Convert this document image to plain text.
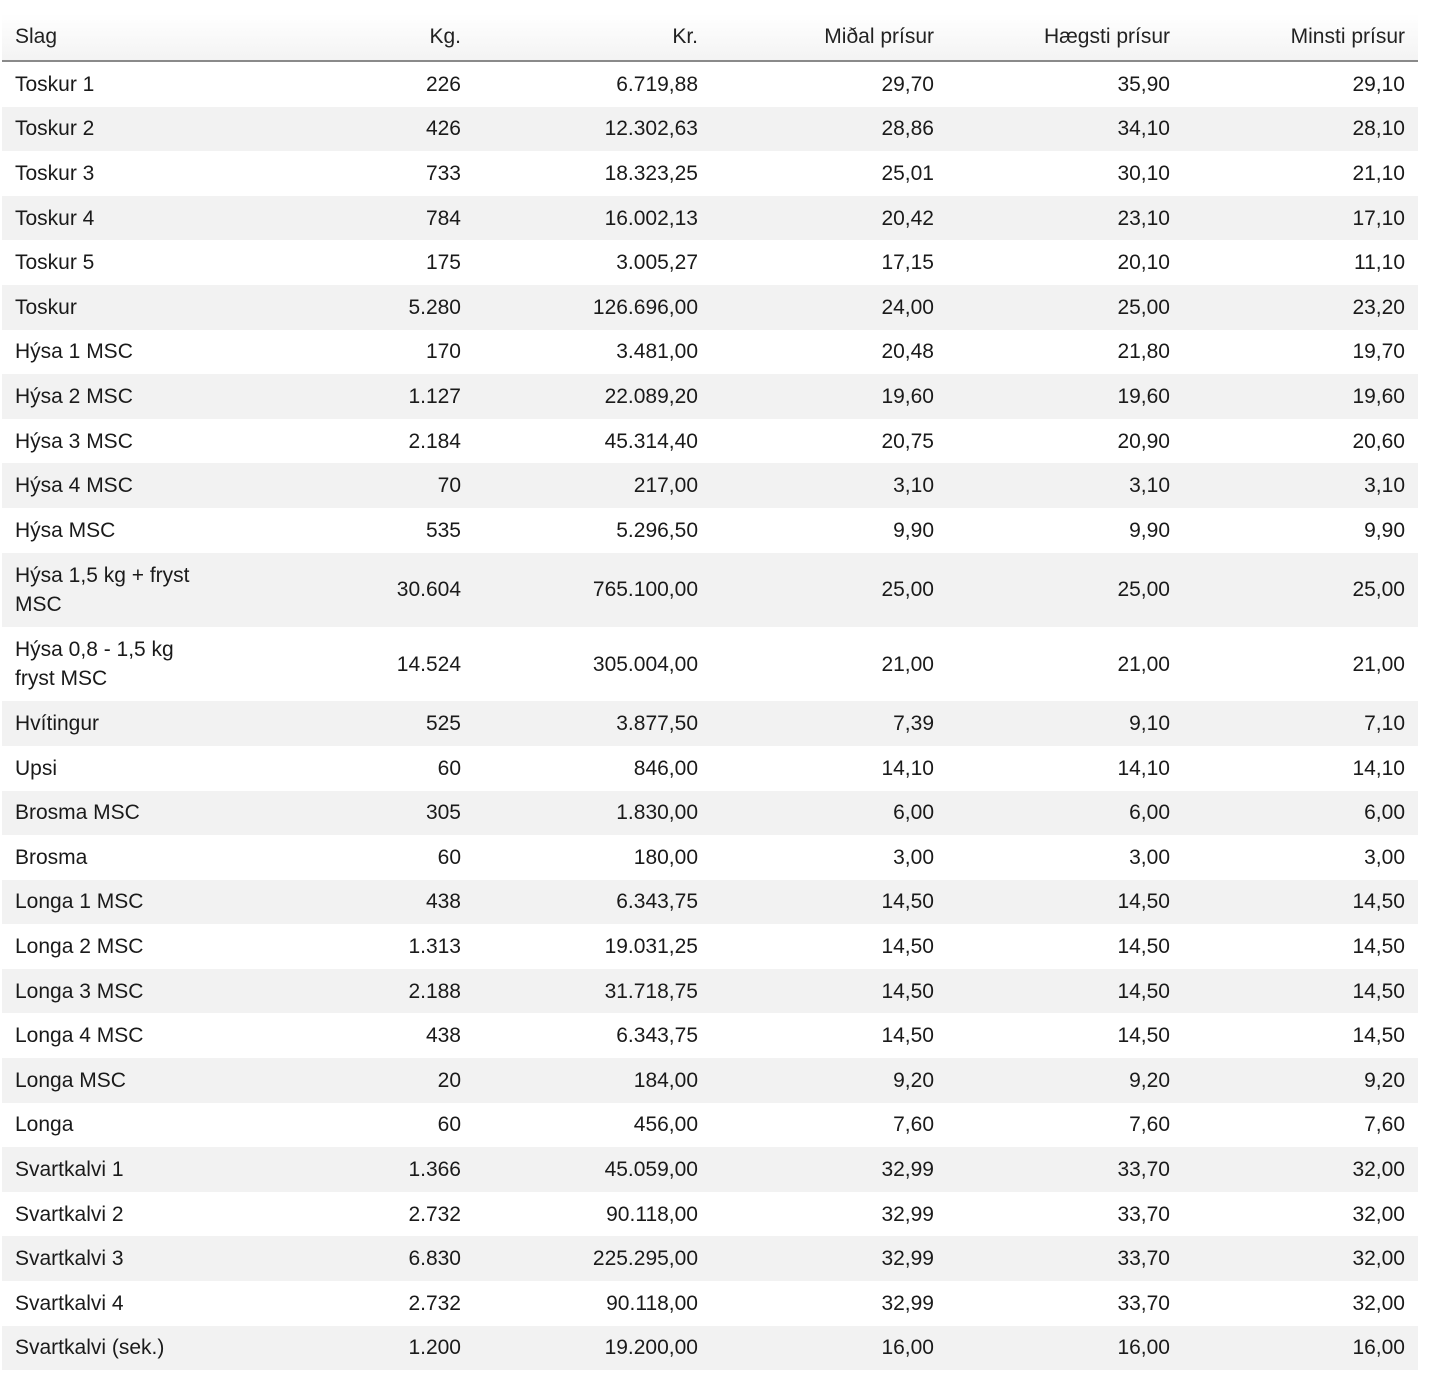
Slag	Kg.	Kr.	Miðal prísur	Hægsti prísur	Minsti prísur

Toskur 1	226	6.719,88	29,70	35,90	29,10

Toskur 2	426	12.302,63	28,86	34,10	28,10

Toskur 3	733	18.323,25	25,01	30,10	21,10

Toskur 4	784	16.002,13	20,42	23,10	17,10

Toskur 5	175	3.005,27	17,15	20,10	11,10

Toskur	5.280	126.696,00	24,00	25,00	23,20

Hýsa 1 MSC	170	3.481,00	20,48	21,80	19,70

Hýsa 2 MSC	1.127	22.089,20	19,60	19,60	19,60

Hýsa 3 MSC	2.184	45.314,40	20,75	20,90	20,60

Hýsa 4 MSC	70	217,00	3,10	3,10	3,10

Hýsa MSC	535	5.296,50	9,90	9,90	9,90

Hýsa 1,5 kg + fryst MSC	30.604	765.100,00	25,00	25,00	25,00

Hýsa 0,8 - 1,5 kg fryst MSC	14.524	305.004,00	21,00	21,00	21,00

Hvítingur	525	3.877,50	7,39	9,10	7,10

Upsi	60	846,00	14,10	14,10	14,10

Brosma MSC	305	1.830,00	6,00	6,00	6,00

Brosma	60	180,00	3,00	3,00	3,00

Longa 1 MSC	438	6.343,75	14,50	14,50	14,50

Longa 2 MSC	1.313	19.031,25	14,50	14,50	14,50

Longa 3 MSC	2.188	31.718,75	14,50	14,50	14,50

Longa 4 MSC	438	6.343,75	14,50	14,50	14,50

Longa MSC	20	184,00	9,20	9,20	9,20

Longa	60	456,00	7,60	7,60	7,60

Svartkalvi 1	1.366	45.059,00	32,99	33,70	32,00

Svartkalvi 2	2.732	90.118,00	32,99	33,70	32,00

Svartkalvi 3	6.830	225.295,00	32,99	33,70	32,00

Svartkalvi 4	2.732	90.118,00	32,99	33,70	32,00

Svartkalvi (sek.)	1.200	19.200,00	16,00	16,00	16,00
